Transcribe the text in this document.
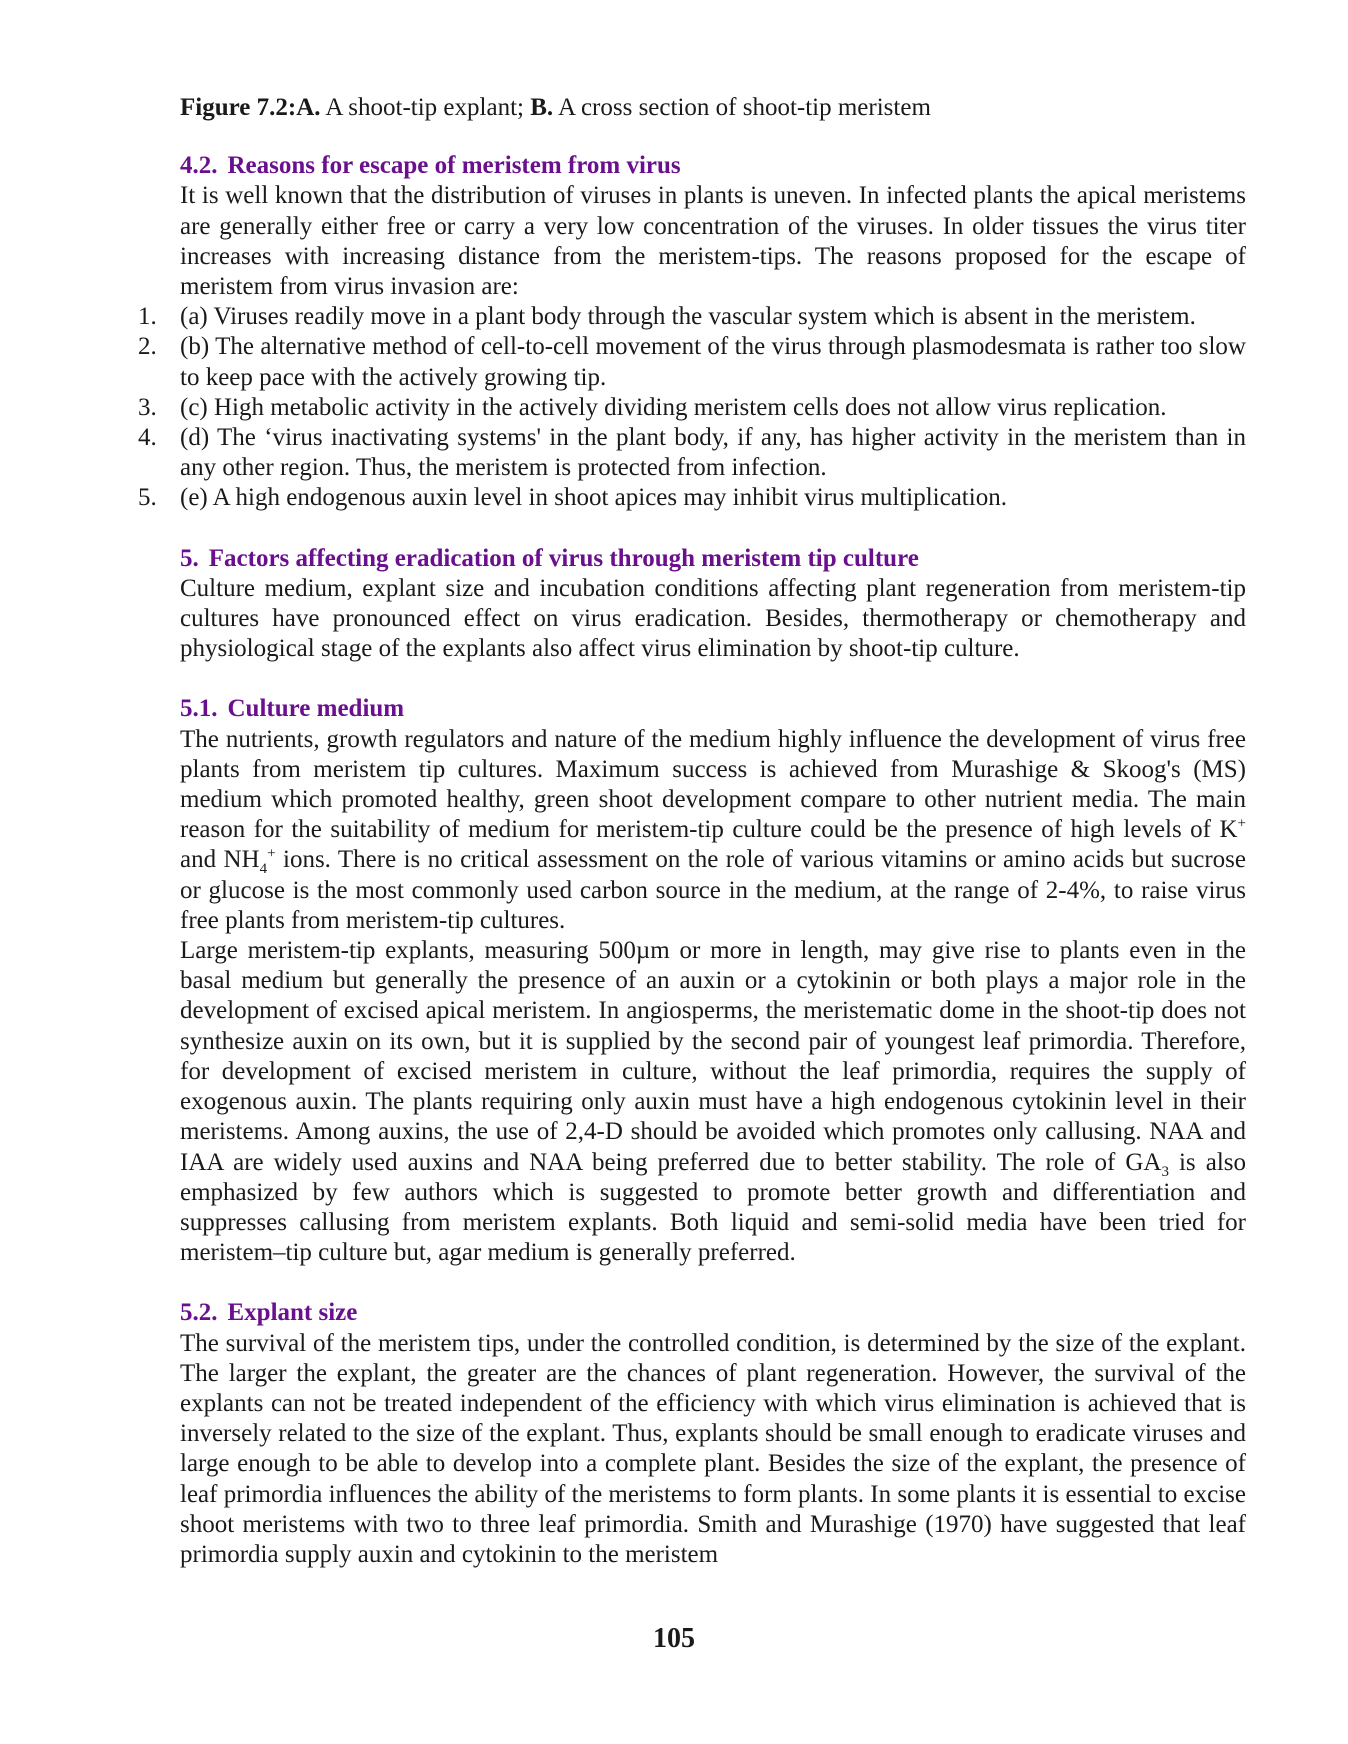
Figure 7.2:A. A shoot-tip explant; B. A cross section of shoot-tip meristem

4.2. Reasons for escape of meristem from virus

It is well known that the distribution of viruses in plants is uneven. In infected plants the apical meristems are generally either free or carry a very low concentration of the viruses. In older tissues the virus titer increases with increasing distance from the meristem-tips. The reasons proposed for the escape of meristem from virus invasion are:

1. (a) Viruses readily move in a plant body through the vascular system which is absent in the meristem.
2. (b) The alternative method of cell-to-cell movement of the virus through plasmodesmata is rather too slow to keep pace with the actively growing tip.
3. (c) High metabolic activity in the actively dividing meristem cells does not allow virus replication.
4. (d) The ‘virus inactivating systems' in the plant body, if any, has higher activity in the meristem than in any other region. Thus, the meristem is protected from infection.
5. (e) A high endogenous auxin level in shoot apices may inhibit virus multiplication.
5. Factors affecting eradication of virus through meristem tip culture

Culture medium, explant size and incubation conditions affecting plant regeneration from meristem-tip cultures have pronounced effect on virus eradication. Besides, thermotherapy or chemotherapy and physiological stage of the explants also affect virus elimination by shoot-tip culture.

5.1. Culture medium

The nutrients, growth regulators and nature of the medium highly influence the development of virus free plants from meristem tip cultures. Maximum success is achieved from Murashige & Skoog's (MS) medium which promoted healthy, green shoot development compare to other nutrient media. The main reason for the suitability of medium for meristem-tip culture could be the presence of high levels of K+ and $NH_4^+$ ions. There is no critical assessment on the role of various vitamins or amino acids but sucrose or glucose is the most commonly used carbon source in the medium, at the range of 2-4%, to raise virus free plants from meristem-tip cultures.

Large meristem-tip explants, measuring 500µm or more in length, may give rise to plants even in the basal medium but generally the presence of an auxin or a cytokinin or both plays a major role in the development of excised apical meristem. In angiosperms, the meristematic dome in the shoot-tip does not synthesize auxin on its own, but it is supplied by the second pair of youngest leaf primordia. Therefore, for development of excised meristem in culture, without the leaf primordia, requires the supply of exogenous auxin. The plants requiring only auxin must have a high endogenous cytokinin level in their meristems. Among auxins, the use of 2,4-D should be avoided which promotes only callusing. NAA and IAA are widely used auxins and NAA being preferred due to better stability. The role of $GA_3$ is also emphasized by few authors which is suggested to promote better growth and differentiation and suppresses callusing from meristem explants. Both liquid and semi-solid media have been tried for meristem–tip culture but, agar medium is generally preferred.

5.2. Explant size

The survival of the meristem tips, under the controlled condition, is determined by the size of the explant. The larger the explant, the greater are the chances of plant regeneration. However, the survival of the explants can not be treated independent of the efficiency with which virus elimination is achieved that is inversely related to the size of the explant. Thus, explants should be small enough to eradicate viruses and large enough to be able to develop into a complete plant. Besides the size of the explant, the presence of leaf primordia influences the ability of the meristems to form plants. In some plants it is essential to excise shoot meristems with two to three leaf primordia. Smith and Murashige (1970) have suggested that leaf primordia supply auxin and cytokinin to the meristem

105
